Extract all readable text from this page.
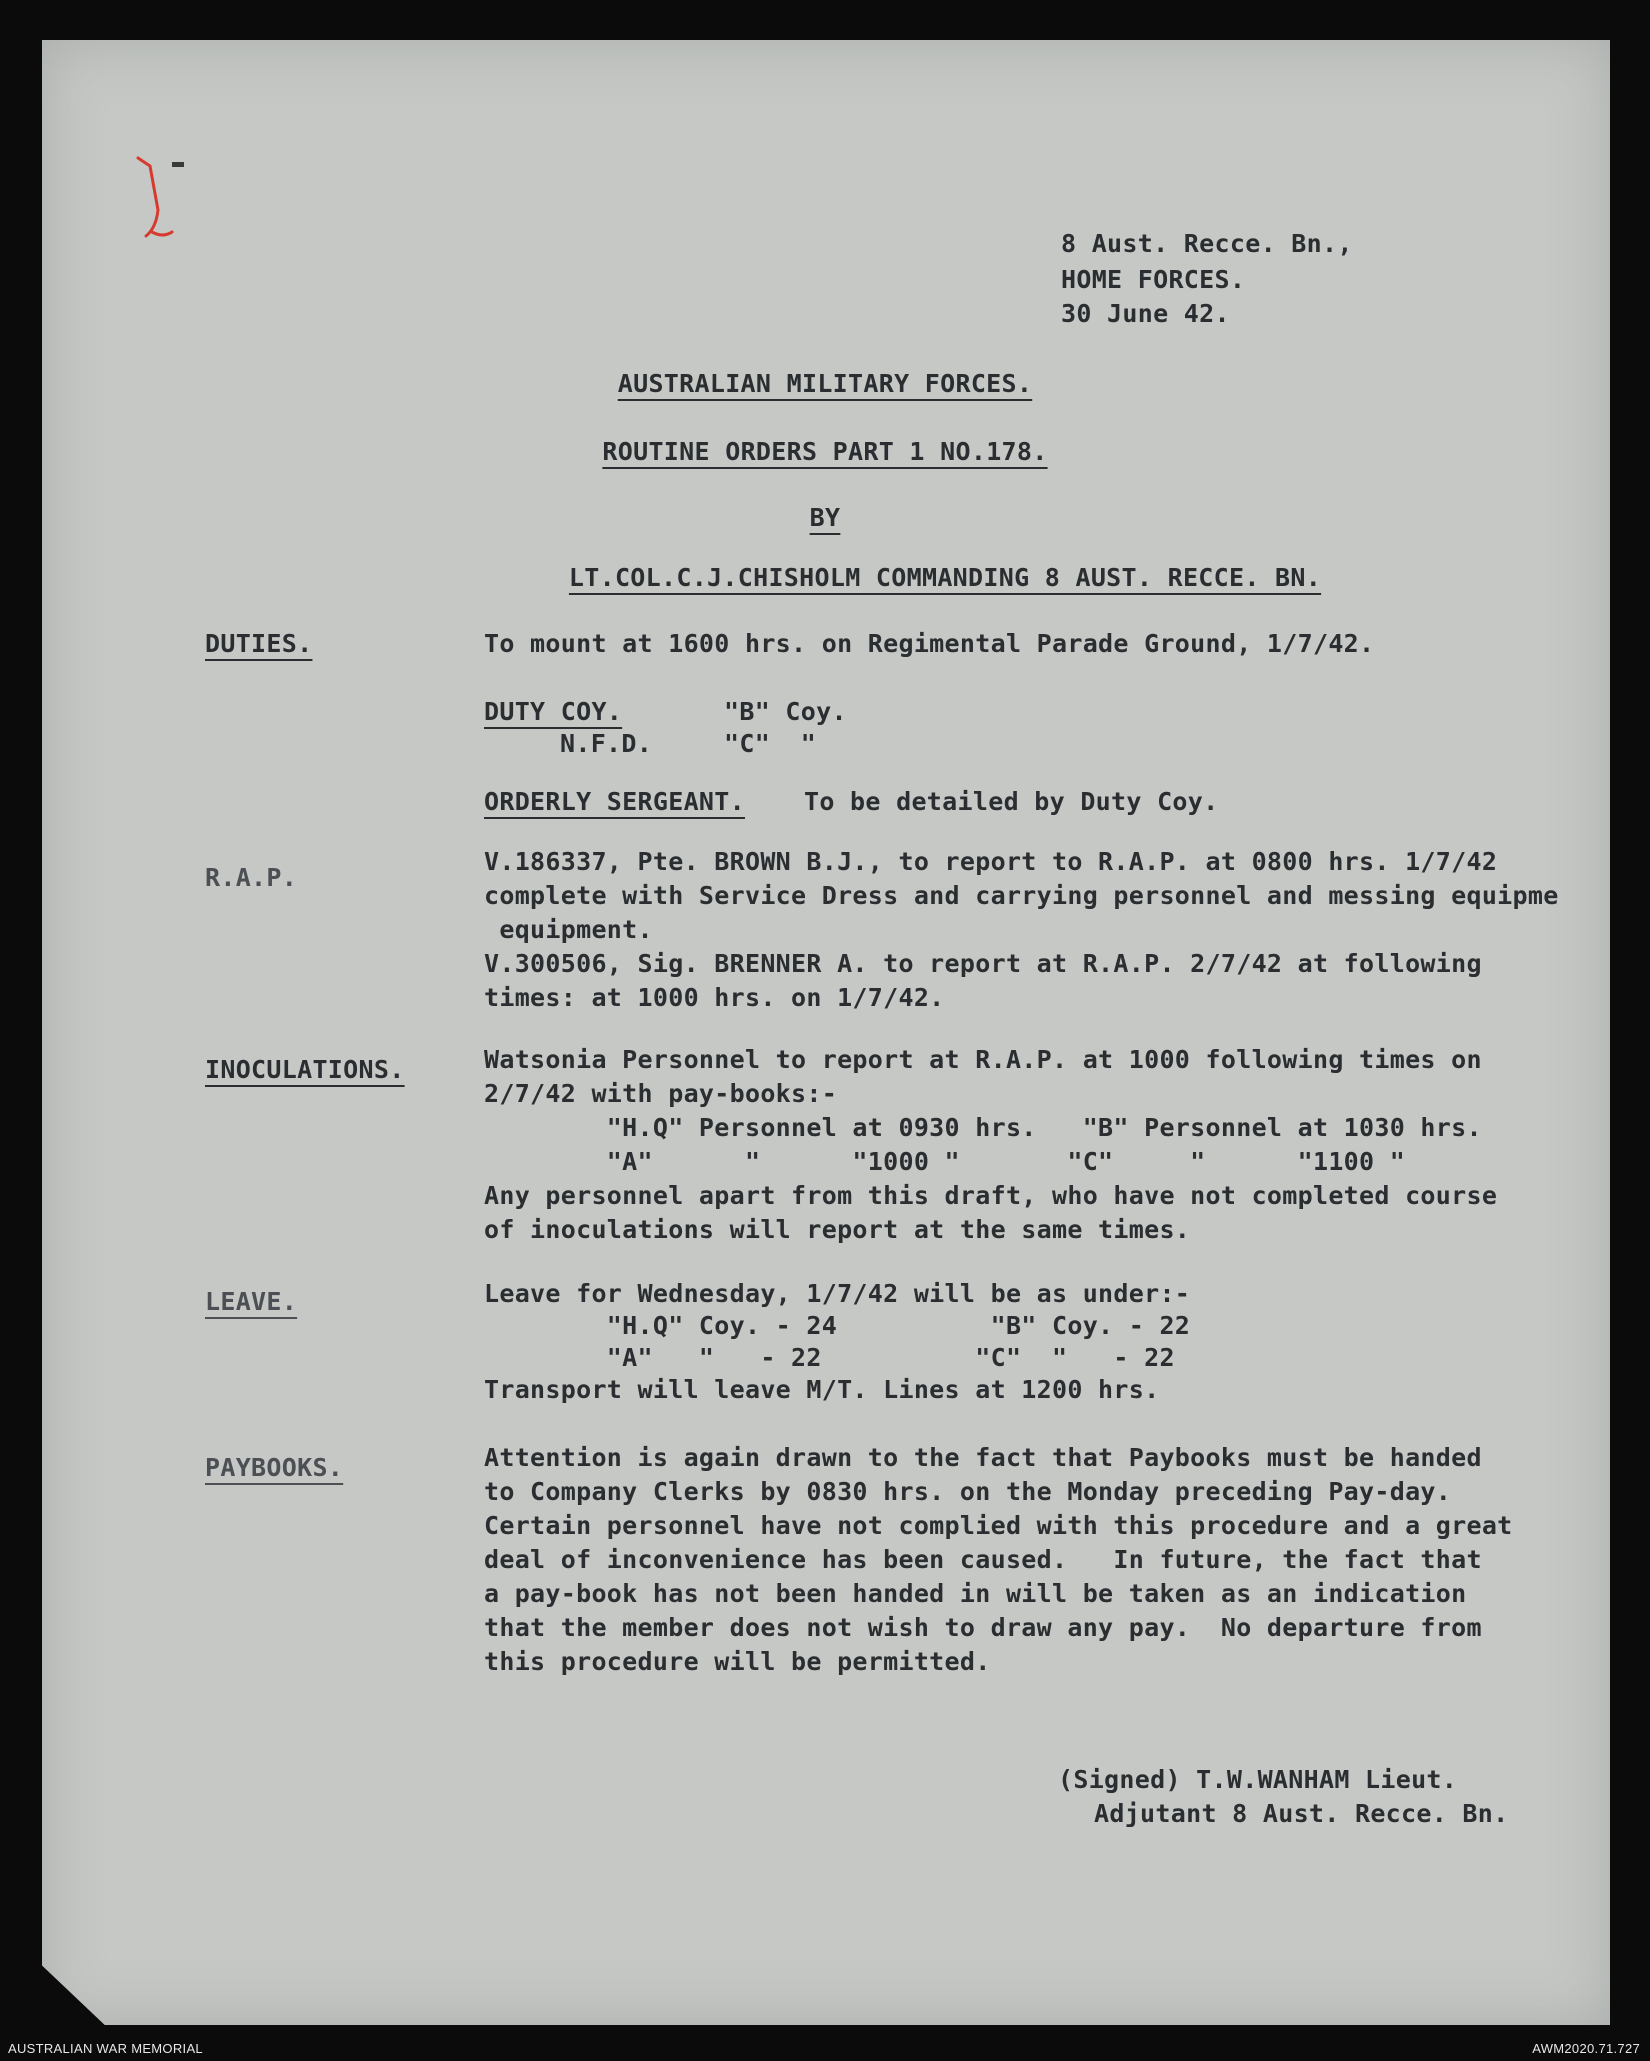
8 Aust. Recce. Bn.,
HOME FORCES.
30 June 42.
AUSTRALIAN MILITARY FORCES.
ROUTINE ORDERS PART 1 NO.178.
BY
LT.COL.C.J.CHISHOLM COMMANDING 8 AUST. RECCE. BN.
DUTIES.	To mount at 1600 hrs. on Regimental Parade Ground, 1/7/42.
DUTY COY.	"B" Coy.
N.F.D.	"C"  "
ORDERLY SERGEANT. To be detailed by Duty Coy.
R.A.P.
V.186337, Pte. BROWN B.J., to report to R.A.P. at 0800 hrs. 1/7/42
complete with Service Dress and carrying personnel and messing equipme
equipment.
V.300506, Sig. BRENNER A. to report at R.A.P. 2/7/42 at following
times: at 1000 hrs. on 1/7/42.
INOCULATIONS.	Watsonia Personnel to report at R.A.P. at 1000 following times on
2/7/42 with pay-books:-
"H.Q" Personnel at 0930 hrs.   "B" Personnel at 1030 hrs.
"A"      "      "1000 "       "C"     "      "1100 "
Any personnel apart from this draft, who have not completed course
of inoculations will report at the same times.
LEAVE.	Leave for Wednesday, 1/7/42 will be as under:-
"H.Q" Coy. - 24          "B" Coy. - 22
"A"   "   - 22          "C"  "   - 22
Transport will leave M/T. Lines at 1200 hrs.
PAYBOOKS.	Attention is again drawn to the fact that Paybooks must be handed
to Company Clerks by 0830 hrs. on the Monday preceding Pay-day.
Certain personnel have not complied with this procedure and a great
deal of inconvenience has been caused.   In future, the fact that
a pay-book has not been handed in will be taken as an indication
that the member does not wish to draw any pay.  No departure from
this procedure will be permitted.
(Signed) T.W.WANHAM Lieut.
Adjutant 8 Aust. Recce. Bn.
AUSTRALIAN WAR MEMORIAL	AWM2020.71.727
